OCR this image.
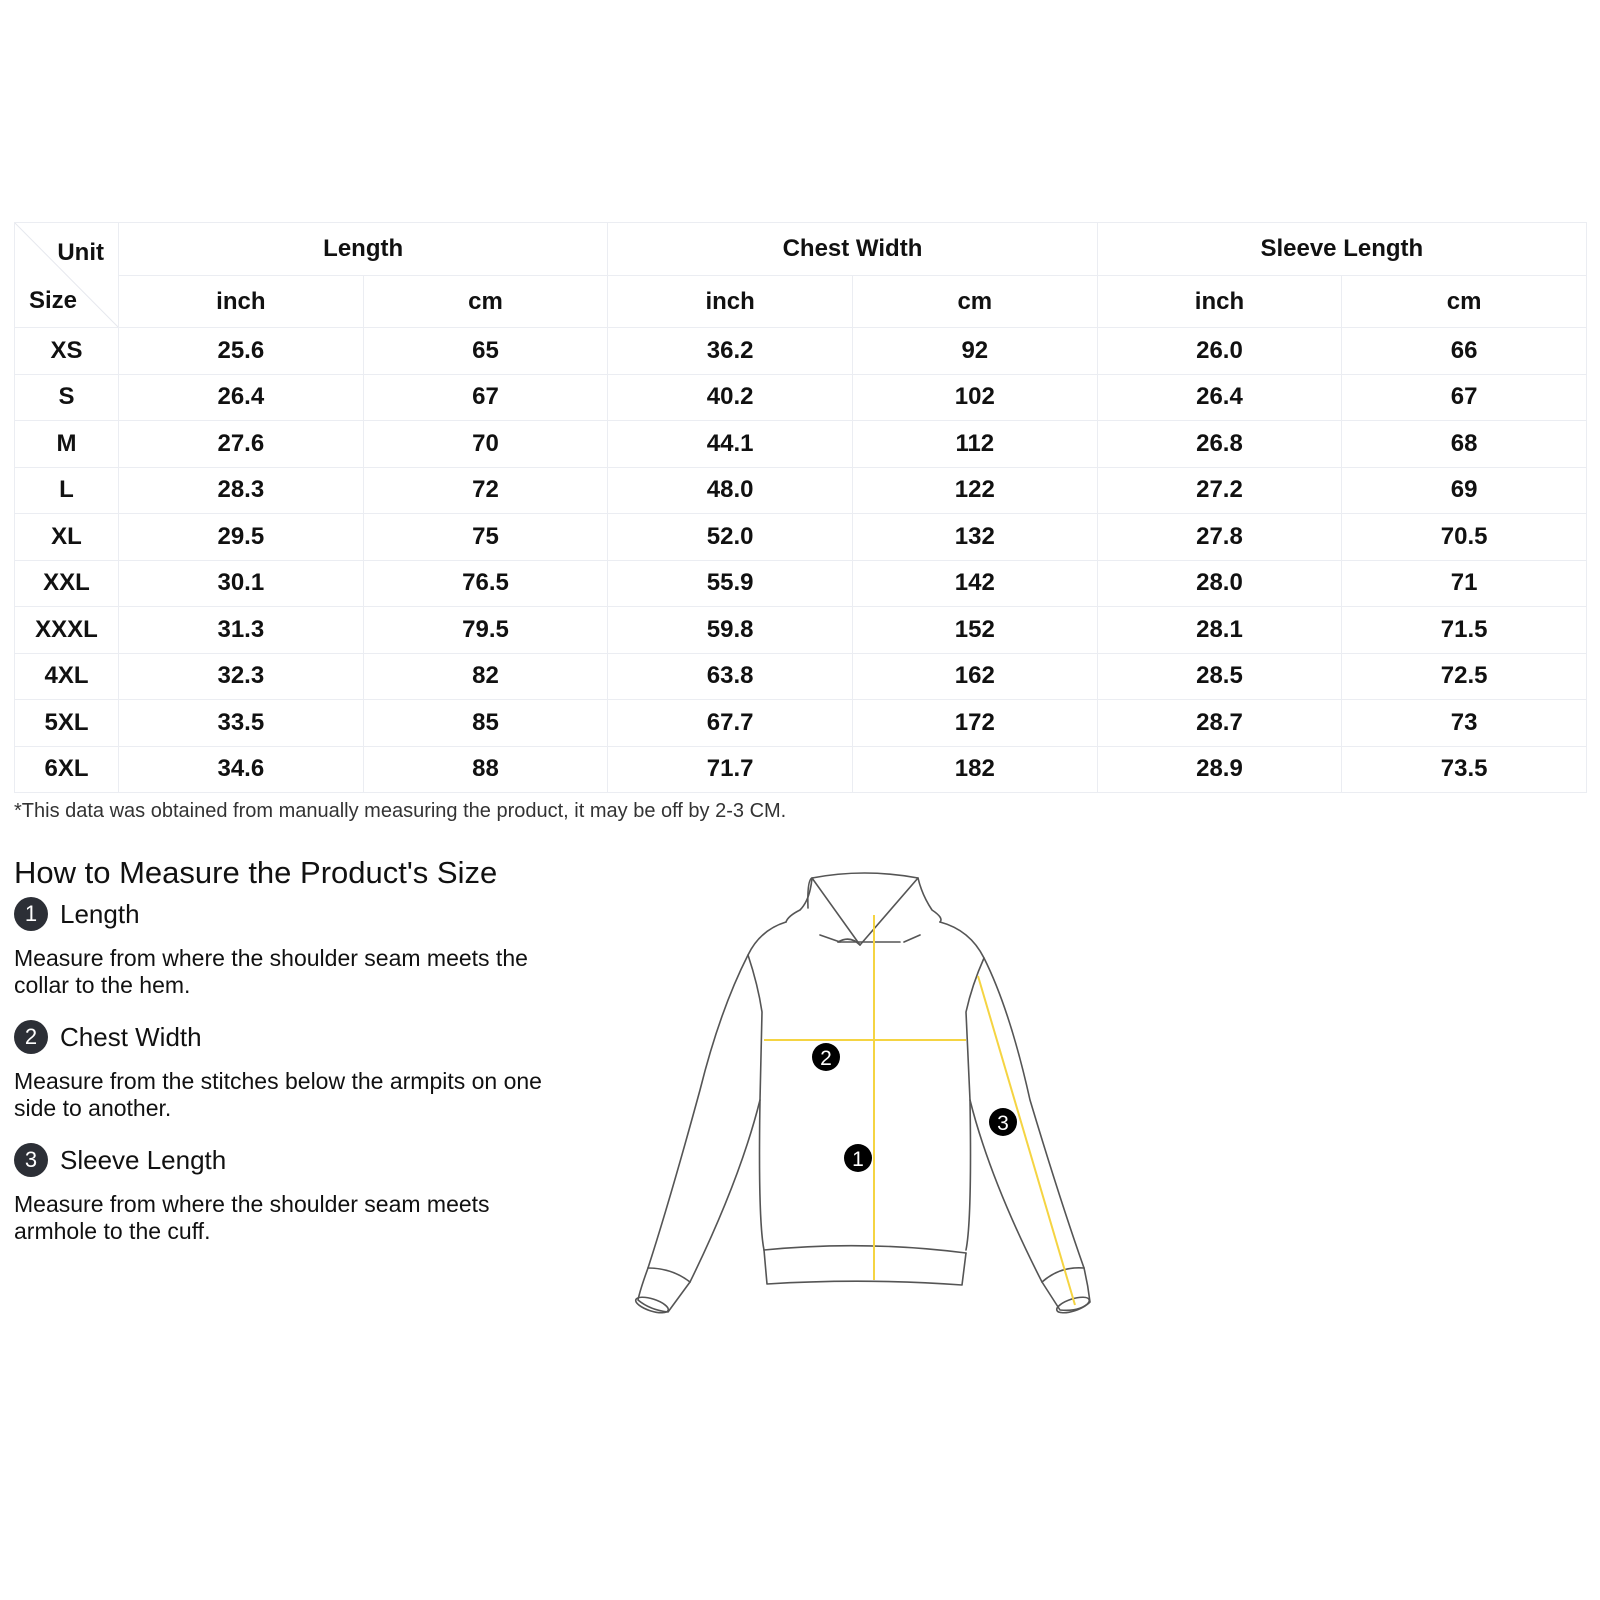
Unit
Size	Length		Chest Width		Sleeve Length	
	inch	cm	inch	cm	inch	cm
XS	25.6	65	36.2	92	26.0	66
S	26.4	67	40.2	102	26.4	67
M	27.6	70	44.1	112	26.8	68
L	28.3	72	48.0	122	27.2	69
XL	29.5	75	52.0	132	27.8	70.5
XXL	30.1	76.5	55.9	142	28.0	71
XXXL	31.3	79.5	59.8	152	28.1	71.5
4XL	32.3	82	63.8	162	28.5	72.5
5XL	33.5	85	67.7	172	28.7	73
6XL	34.6	88	71.7	182	28.9	73.5
*This data was obtained from manually measuring the product, it may be off by 2-3 CM.
How to Measure the Product's Size
1 Length
Measure from where the shoulder seam meets the collar to the hem.
2 Chest Width
Measure from the stitches below the armpits on one side to another.
3 Sleeve Length
Measure from where the shoulder seam meets armhole to the cuff.
2
1
3
